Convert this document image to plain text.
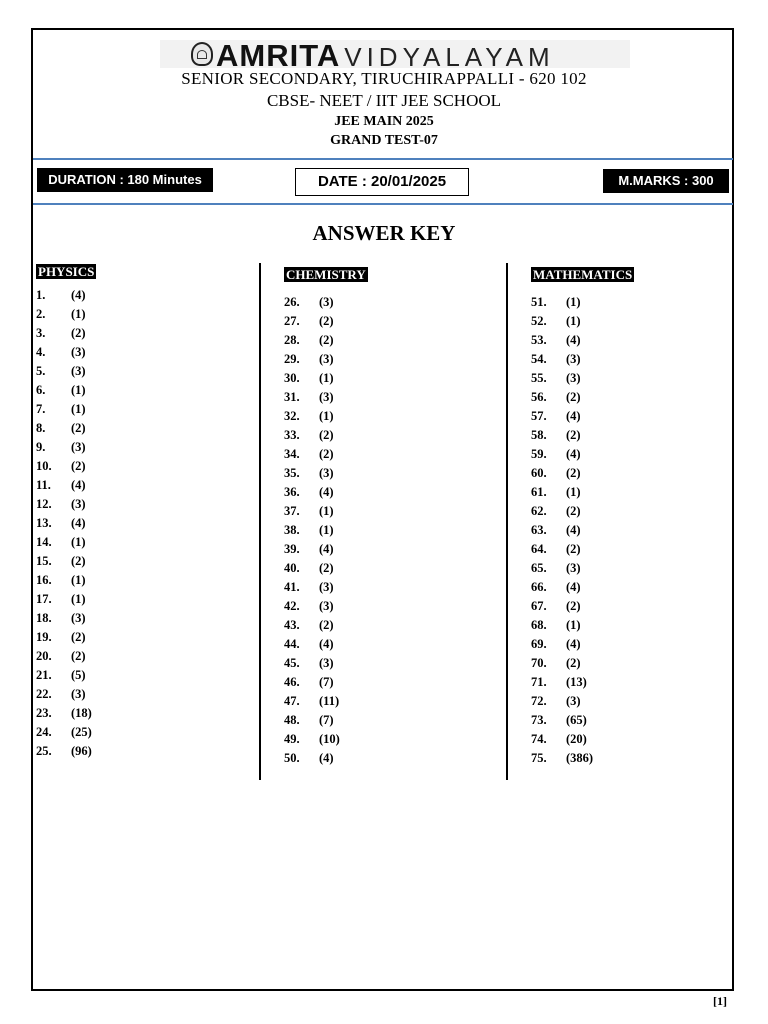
AMRITA VIDYALAYAM
SENIOR SECONDARY, TIRUCHIRAPPALLI - 620 102
CBSE- NEET / IIT JEE SCHOOL
JEE MAIN 2025
GRAND TEST-07
DURATION : 180 Minutes	DATE : 20/01/2025	M.MARKS : 300
ANSWER KEY
PHYSICS
1. (4)
2. (1)
3. (2)
4. (3)
5. (3)
6. (1)
7. (1)
8. (2)
9. (3)
10. (2)
11. (4)
12. (3)
13. (4)
14. (1)
15. (2)
16. (1)
17. (1)
18. (3)
19. (2)
20. (2)
21. (5)
22. (3)
23. (18)
24. (25)
25. (96)
CHEMISTRY
26. (3)
27. (2)
28. (2)
29. (3)
30. (1)
31. (3)
32. (1)
33. (2)
34. (2)
35. (3)
36. (4)
37. (1)
38. (1)
39. (4)
40. (2)
41. (3)
42. (3)
43. (2)
44. (4)
45. (3)
46. (7)
47. (11)
48. (7)
49. (10)
50. (4)
MATHEMATICS
51. (1)
52. (1)
53. (4)
54. (3)
55. (3)
56. (2)
57. (4)
58. (2)
59. (4)
60. (2)
61. (1)
62. (2)
63. (4)
64. (2)
65. (3)
66. (4)
67. (2)
68. (1)
69. (4)
70. (2)
71. (13)
72. (3)
73. (65)
74. (20)
75. (386)
[1]
